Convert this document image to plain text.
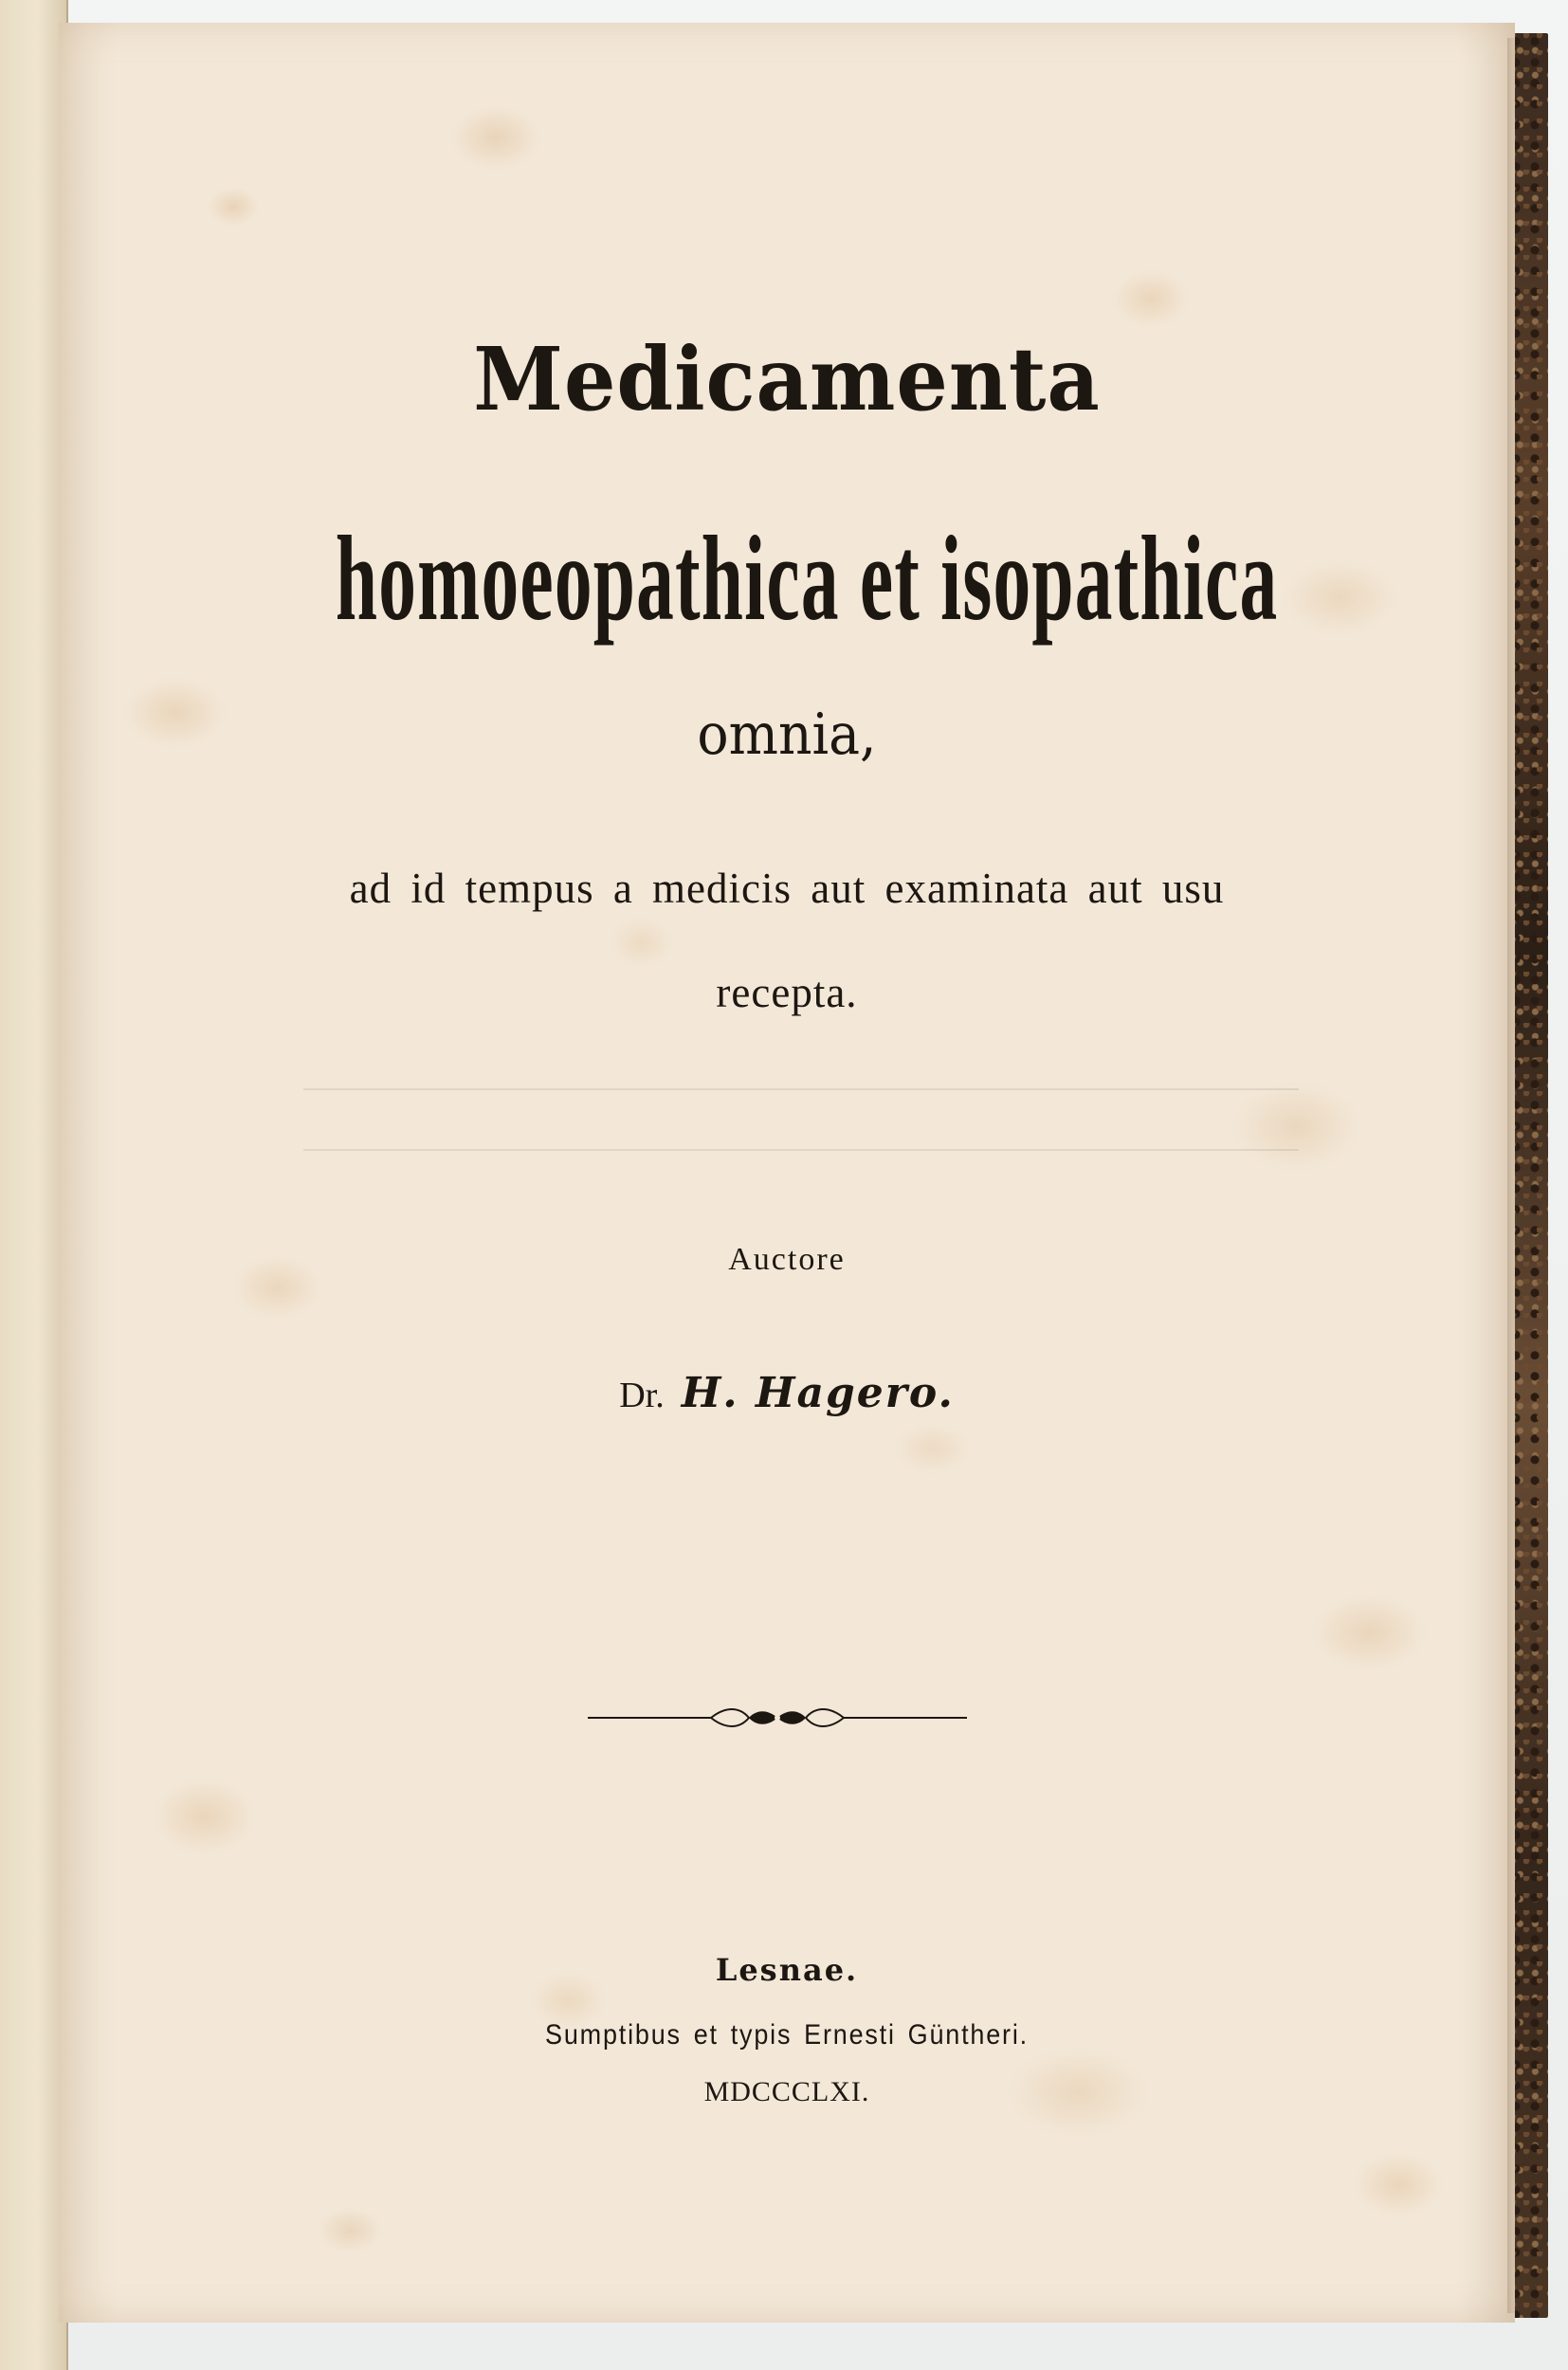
Medicamenta
homoeopathica et isopathica
omnia,
ad id tempus a medicis aut examinata aut usu
recepta.
Auctore
Dr. H. Hagero.
Lesnae.
Sumptibus et typis Ernesti Güntheri.
MDCCCLXI.
